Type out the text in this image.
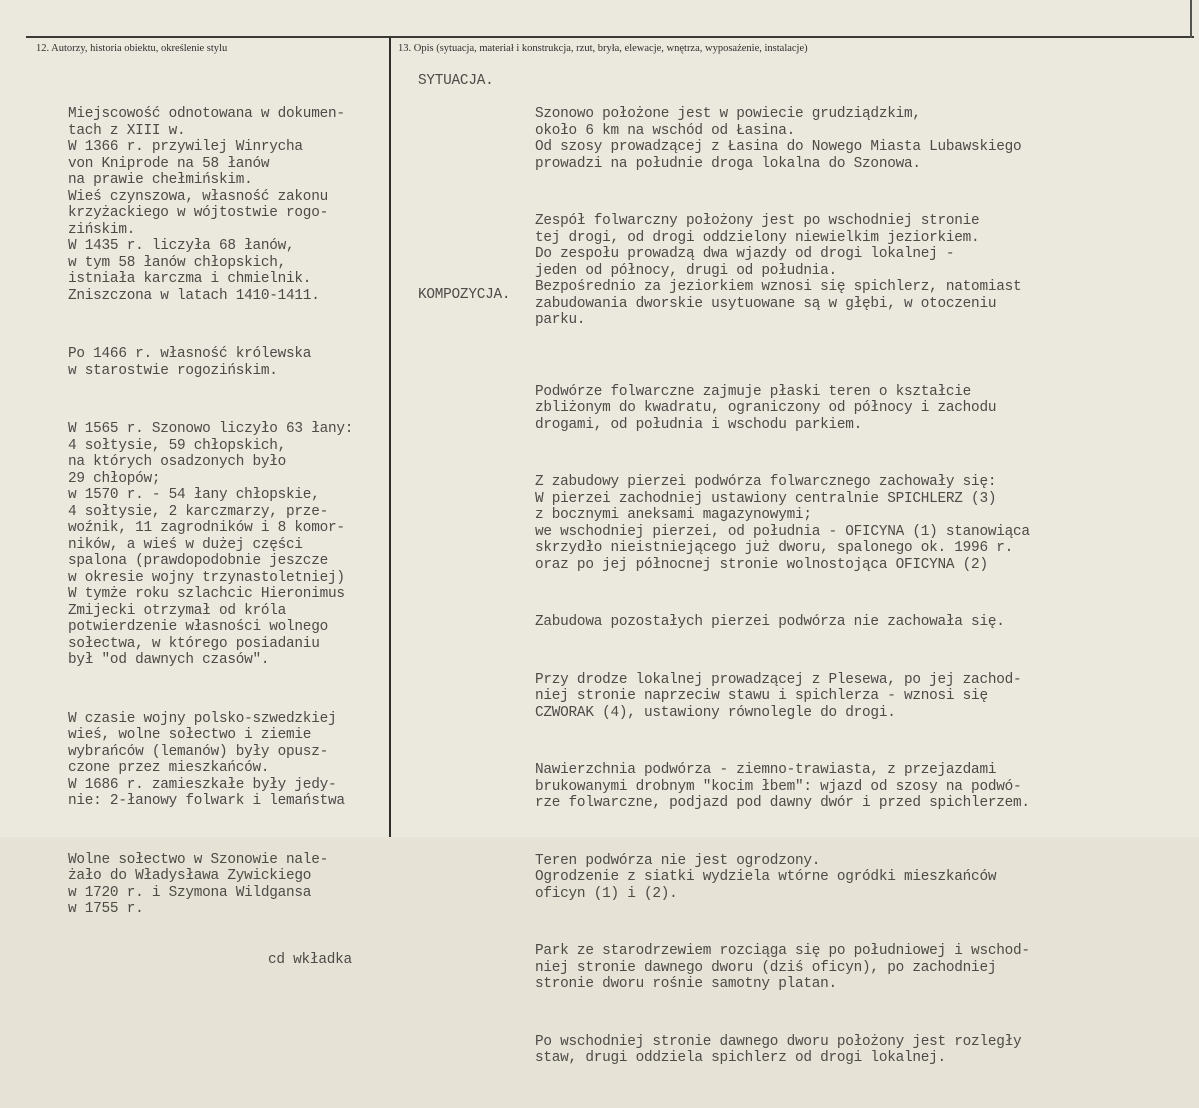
12. Autorzy, historia obiektu, określenie stylu	13. Opis (sytuacja, materiał i konstrukcja, rzut, bryła, elewacje, wnętrza, wyposażenie, instalacje)

Miejscowość odnotowana w dokumen-
tach z XIII w.
W 1366 r. przywilej Winrycha
von Kniprode na 58 łanów
na prawie chełmińskim.
Wieś czynszowa, własność zakonu
krzyżackiego w wójtostwie rogo-
zińskim.
W 1435 r. liczyła 68 łanów,
w tym 58 łanów chłopskich,
istniała karczma i chmielnik.
Zniszczona w latach 1410-1411.

Po 1466 r. własność królewska
w starostwie rogozińskim.

W 1565 r. Szonowo liczyło 63 łany:
4 sołtysie, 59 chłopskich,
na których osadzonych było
29 chłopów;
w 1570 r. - 54 łany chłopskie,
4 sołtysie, 2 karczmarzy, prze-
woźnik, 11 zagrodników i 8 komor-
ników, a wieś w dużej części
spalona (prawdopodobnie jeszcze
w okresie wojny trzynastoletniej)
W tymże roku szlachcic Hieronimus
Zmijecki otrzymał od króla
potwierdzenie własności wolnego
sołectwa, w którego posiadaniu
był "od dawnych czasów".

W czasie wojny polsko-szwedzkiej
wieś, wolne sołectwo i ziemie
wybrańców (lemanów) były opusz-
czone przez mieszkańców.
W 1686 r. zamieszkałe były jedy-
nie: 2-łanowy folwark i lemaństwa

Wolne sołectwo w Szonowie nale-
żało do Władysława Zywickiego
w 1720 r. i Szymona Wildgansa
w 1755 r.

cd wkładka

SYTUACJA.
KOMPOZYCJA.

Szonowo położone jest w powiecie grudziądzkim,
około 6 km na wschód od Łasina.
Od szosy prowadzącej z Łasina do Nowego Miasta Lubawskiego
prowadzi na południe droga lokalna do Szonowa.

Zespół folwarczny położony jest po wschodniej stronie
tej drogi, od drogi oddzielony niewielkim jeziorkiem.
Do zespołu prowadzą dwa wjazdy od drogi lokalnej -
jeden od północy, drugi od południa.
Bezpośrednio za jeziorkiem wznosi się spichlerz, natomiast
zabudowania dworskie usytuowane są w głębi, w otoczeniu
parku.

Podwórze folwarczne zajmuje płaski teren o kształcie
zbliżonym do kwadratu, ograniczony od północy i zachodu
drogami, od południa i wschodu parkiem.

Z zabudowy pierzei podwórza folwarcznego zachowały się:
W pierzei zachodniej ustawiony centralnie SPICHLERZ (3)
z bocznymi aneksami magazynowymi;
we wschodniej pierzei, od południa - OFICYNA (1) stanowiąca
skrzydło nieistniejącego już dworu, spalonego ok. 1996 r.
oraz po jej północnej stronie wolnostojąca OFICYNA (2)

Zabudowa pozostałych pierzei podwórza nie zachowała się.

Przy drodze lokalnej prowadzącej z Plesewa, po jej zachod-
niej stronie naprzeciw stawu i spichlerza - wznosi się
CZWORAK (4), ustawiony równolegle do drogi.

Nawierzchnia podwórza - ziemno-trawiasta, z przejazdami
brukowanymi drobnym "kocim łbem": wjazd od szosy na podwó-
rze folwarczne, podjazd pod dawny dwór i przed spichlerzem.

Teren podwórza nie jest ogrodzony.
Ogrodzenie z siatki wydziela wtórne ogródki mieszkańców
oficyn (1) i (2).

Park ze starodrzewiem rozciąga się po południowej i wschod-
niej stronie dawnego dworu (dziś oficyn), po zachodniej
stronie dworu rośnie samotny platan.

Po wschodniej stronie dawnego dworu położony jest rozległy
staw, drugi oddziela spichlerz od drogi lokalnej.
